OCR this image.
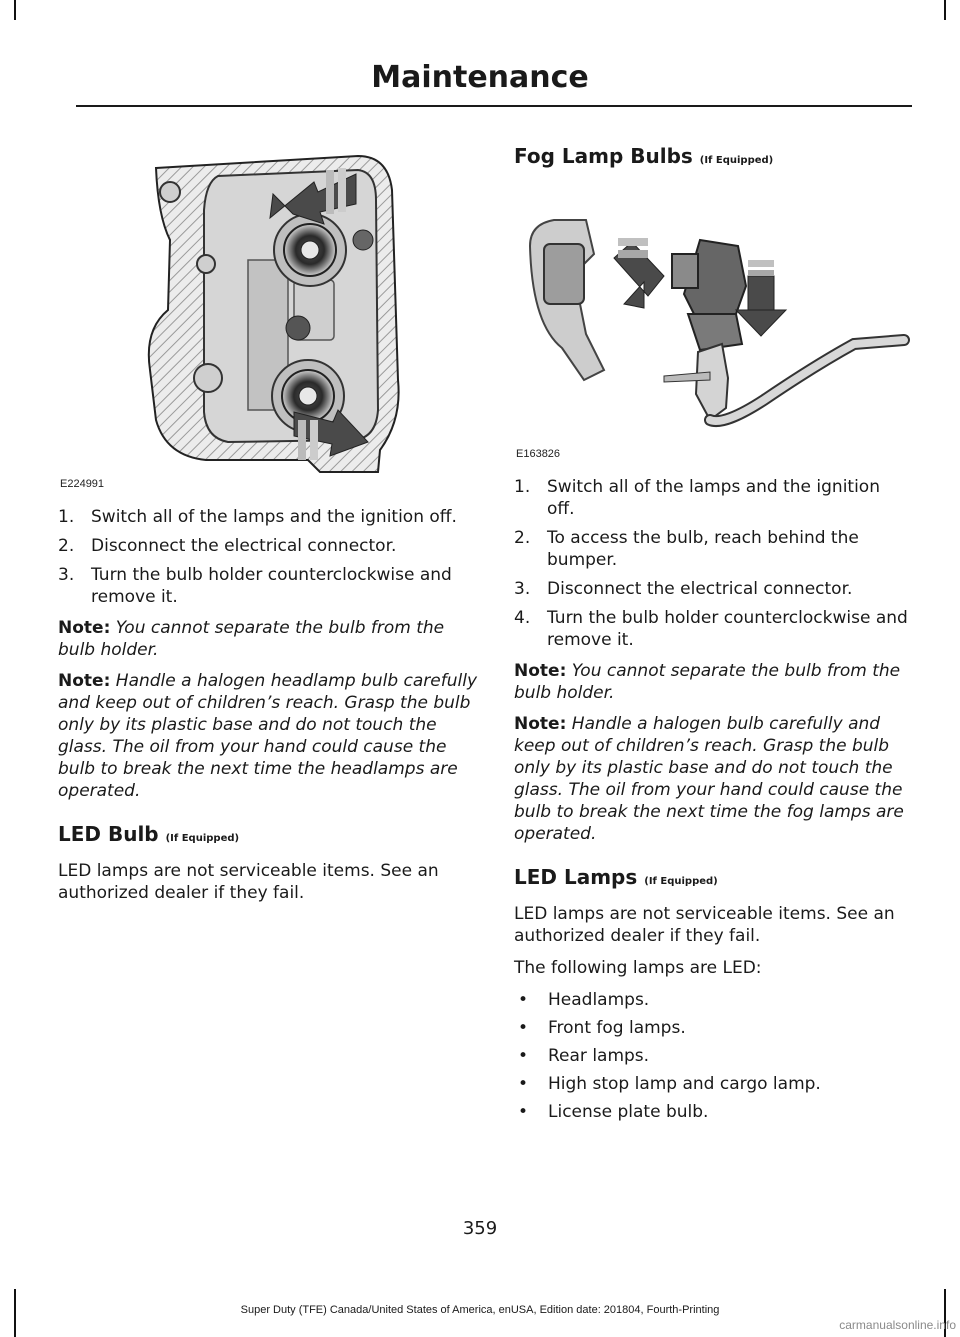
Maintenance
E224991
1. Switch all of the lamps and the ignition off.
2. Disconnect the electrical connector.
3. Turn the bulb holder counterclockwise and remove it.

Note: You cannot separate the bulb from the bulb holder.

Note: Handle a halogen headlamp bulb carefully and keep out of children’s reach. Grasp the bulb only by its plastic base and do not touch the glass. The oil from your hand could cause the bulb to break the next time the headlamps are operated.

LED Bulb (If Equipped)

LED lamps are not serviceable items. See an authorized dealer if they fail.

Fog Lamp Bulbs (If Equipped)
E163826
1. Switch all of the lamps and the ignition off.
2. To access the bulb, reach behind the bumper.
3. Disconnect the electrical connector.
4. Turn the bulb holder counterclockwise and remove it.

Note: You cannot separate the bulb from the bulb holder.

Note: Handle a halogen bulb carefully and keep out of children’s reach. Grasp the bulb only by its plastic base and do not touch the glass. The oil from your hand could cause the bulb to break the next time the fog lamps are operated.

LED Lamps (If Equipped)

LED lamps are not serviceable items. See an authorized dealer if they fail.

The following lamps are LED:

•	Headlamps.
•	Front fog lamps.
•	Rear lamps.
•	High stop lamp and cargo lamp.
•	License plate bulb.
359
Super Duty (TFE) Canada/United States of America, enUSA, Edition date: 201804, Fourth-Printing
carmanualsonline.info
